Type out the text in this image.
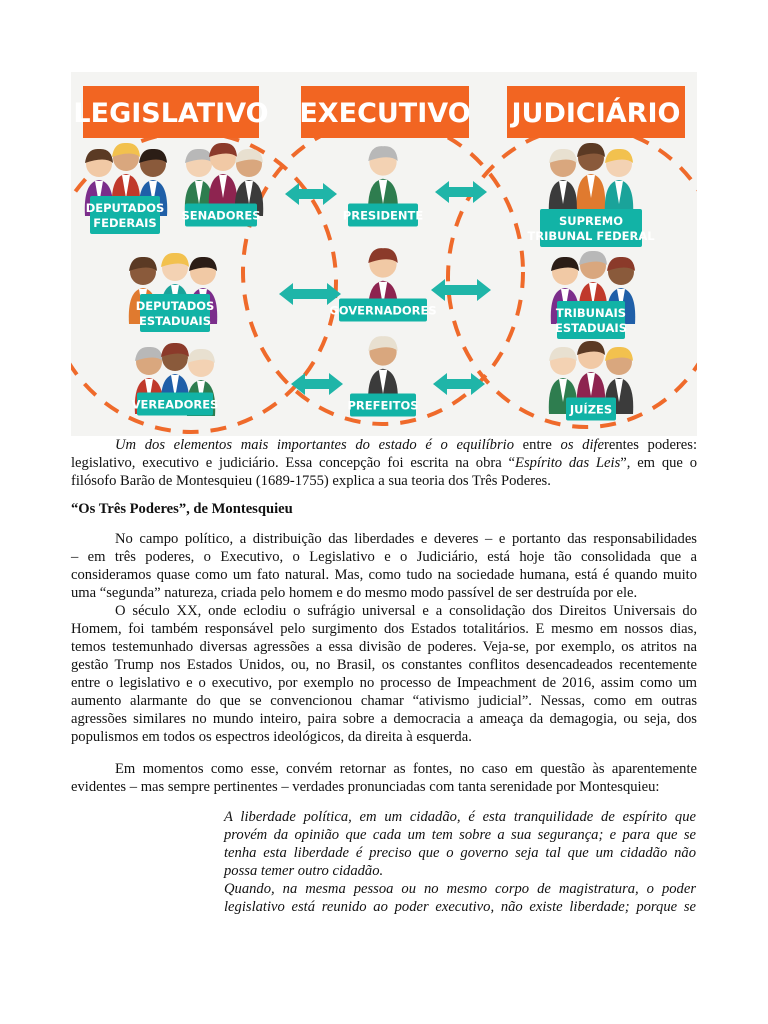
LEGISLATIVO EXECUTIVO JUDICIÁRIO
DEPUTADOS
FEDERAIS
SENADORES
DEPUTADOS
ESTADUAIS
VEREADORES
PRESIDENTE
GOVERNADORES
PREFEITOS
SUPREMO
TRIBUNAL FEDERAL
TRIBUNAIS
ESTADUAIS
JUÍZES

Um dos elementos mais importantes do estado é o equilíbrio entre os diferentes poderes:

legislativo, executivo e judiciário. Essa concepção foi escrita na obra “Espírito das Leis”, em que o

filósofo Barão de Montesquieu (1689-1755) explica a sua teoria dos Três Poderes.

“Os Três Poderes”, de Montesquieu

No campo político, a distribuição das liberdades e deveres – e portanto das responsabilidades

– em três poderes, o Executivo, o Legislativo e o Judiciário, está hoje tão consolidada que a

consideramos quase como um fato natural. Mas, como tudo na sociedade humana, está é quando muito

uma “segunda” natureza, criada pelo homem e do mesmo modo passível de ser destruída por ele.

O século XX, onde eclodiu o sufrágio universal e a consolidação dos Direitos Universais do

Homem, foi também responsável pelo surgimento dos Estados totalitários. E mesmo em nossos dias,

temos testemunhado diversas agressões a essa divisão de poderes. Veja-se, por exemplo, os atritos na

gestão Trump nos Estados Unidos, ou, no Brasil, os constantes conflitos desencadeados recentemente

entre o legislativo e o executivo, por exemplo no processo de Impeachment de 2016, assim como um

aumento alarmante do que se convencionou chamar “ativismo judicial”. Nessas, como em outras

agressões similares no mundo inteiro, paira sobre a democracia a ameaça da demagogia, ou seja, dos

populismos em todos os espectros ideológicos, da direita à esquerda.

Em momentos como esse, convém retornar as fontes, no caso em questão às aparentemente

evidentes – mas sempre pertinentes – verdades pronunciadas com tanta serenidade por Montesquieu:

A liberdade política, em um cidadão, é esta tranquilidade de espírito que

provém da opinião que cada um tem sobre a sua segurança; e para que se

tenha esta liberdade é preciso que o governo seja tal que um cidadão não

possa temer outro cidadão.

Quando, na mesma pessoa ou no mesmo corpo de magistratura, o poder

legislativo está reunido ao poder executivo, não existe liberdade; porque se
